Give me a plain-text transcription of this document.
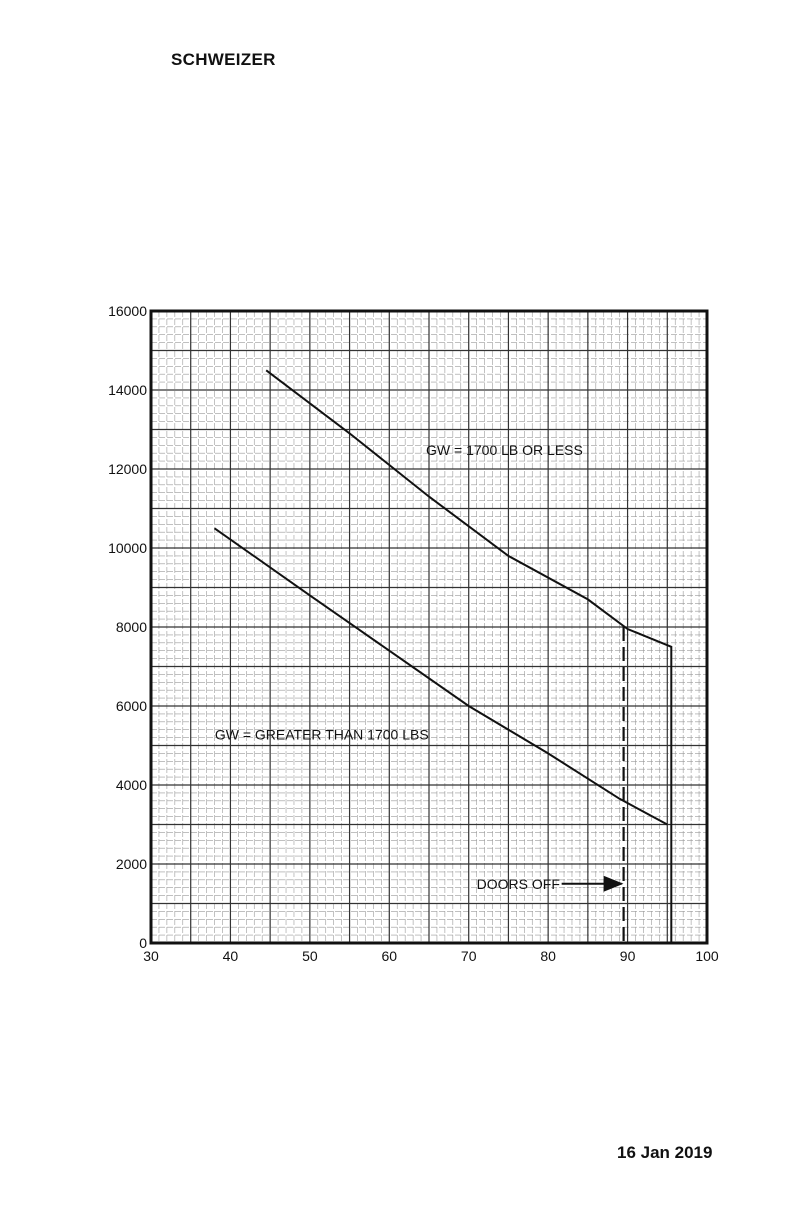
SCHWEIZER
0
2000
4000
6000
8000
10000
12000
14000
16000
30	40	50	60	70	80	90	100
GW = 1700 LB OR LESS
GW = GREATER THAN 1700 LBS
DOORS OFF
16 Jan 2019
